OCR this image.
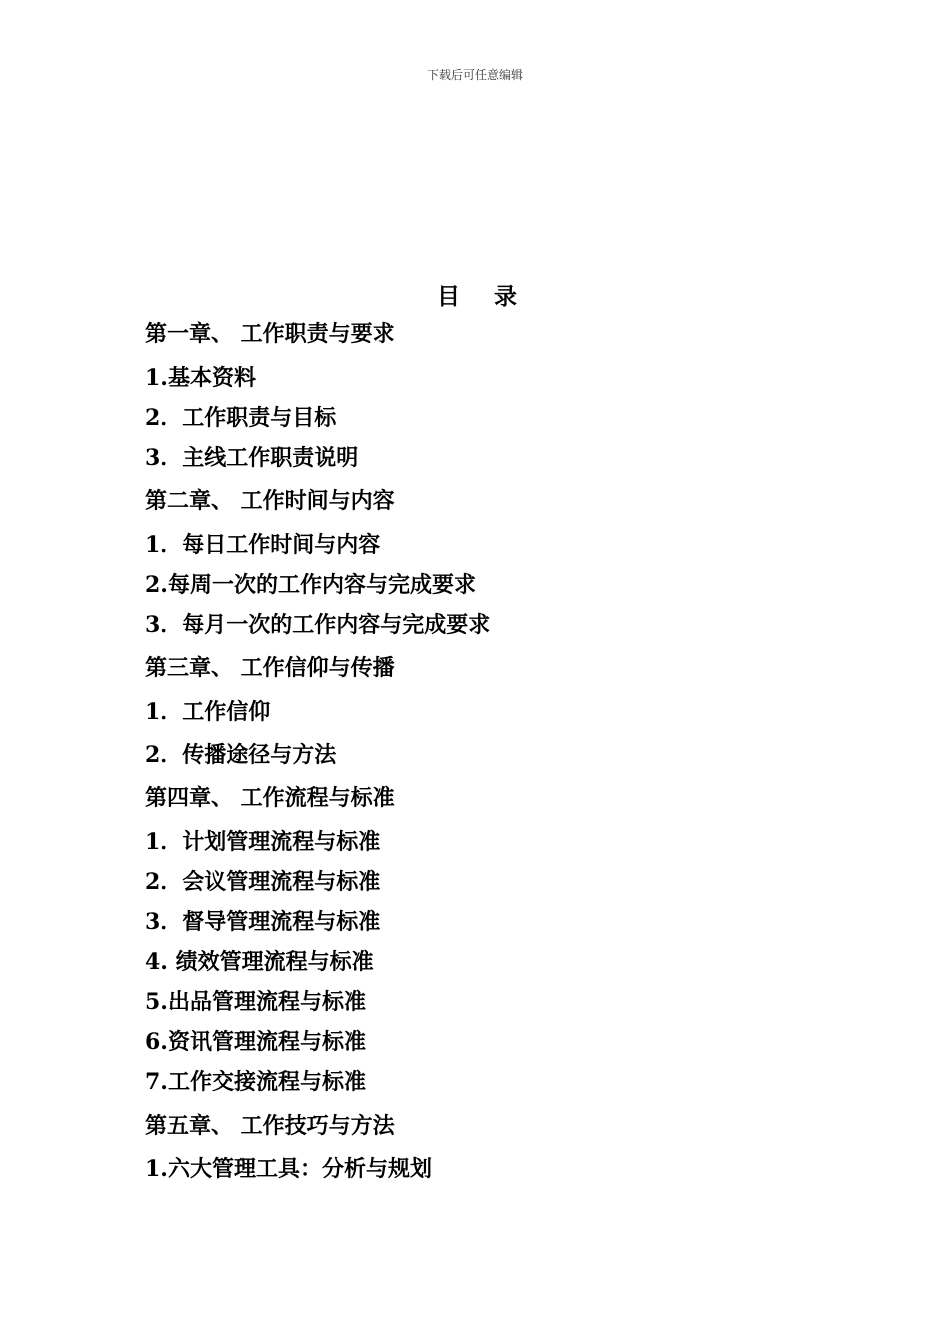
下载后可任意编辑
目 录
第一章、 工作职责与要求
1.基本资料
2．工作职责与目标
3．主线工作职责说明
第二章、 工作时间与内容
1．每日工作时间与内容
2.每周一次的工作内容与完成要求
3．每月一次的工作内容与完成要求
第三章、 工作信仰与传播
1．工作信仰
2．传播途径与方法
第四章、 工作流程与标准
1．计划管理流程与标准
2．会议管理流程与标准
3．督导管理流程与标准
4. 绩效管理流程与标准
5.出品管理流程与标准
6.资讯管理流程与标准
7.工作交接流程与标准
第五章、 工作技巧与方法
1.六大管理工具：分析与规划
